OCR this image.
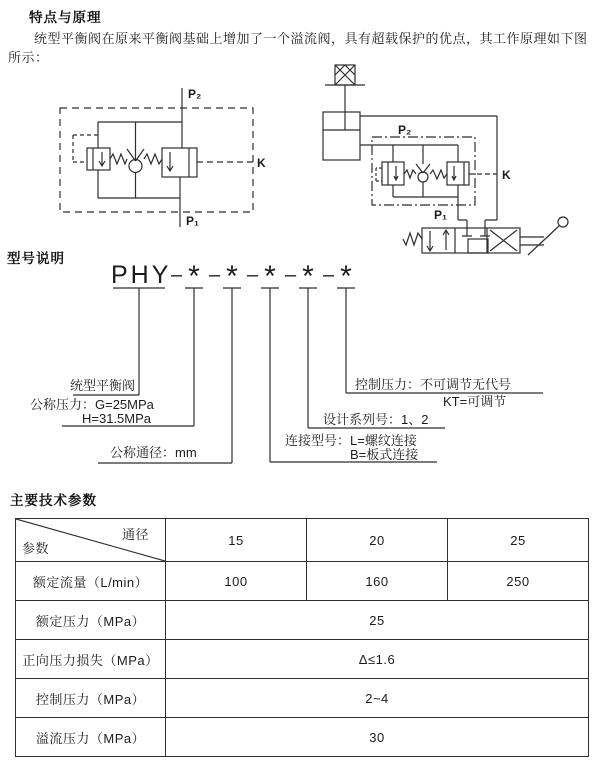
特点与原理
统型平衡阀在原来平衡阀基础上增加了一个溢流阀，具有超载保护的优点，其工作原理如下图所示：
P₂
K
P₁
P₂
K
P₁
型号说明
PHY – – – – –
* * * * *
统型平衡阀
公称压力：G=25MPa
H=31.5MPa
公称通径：mm
连接型号：L=螺纹连接
B=板式连接
设计系列号：1、2
控制压力：不可调节无代号
KT=可调节
主要技术参数
通径
参数	15	20	25
额定流量（L/min）	100	160	250
额定压力（MPa）	25		
正向压力损失（MPa）	Δ≤1.6		
控制压力（MPa）	2~4		
溢流压力（MPa）	30		
